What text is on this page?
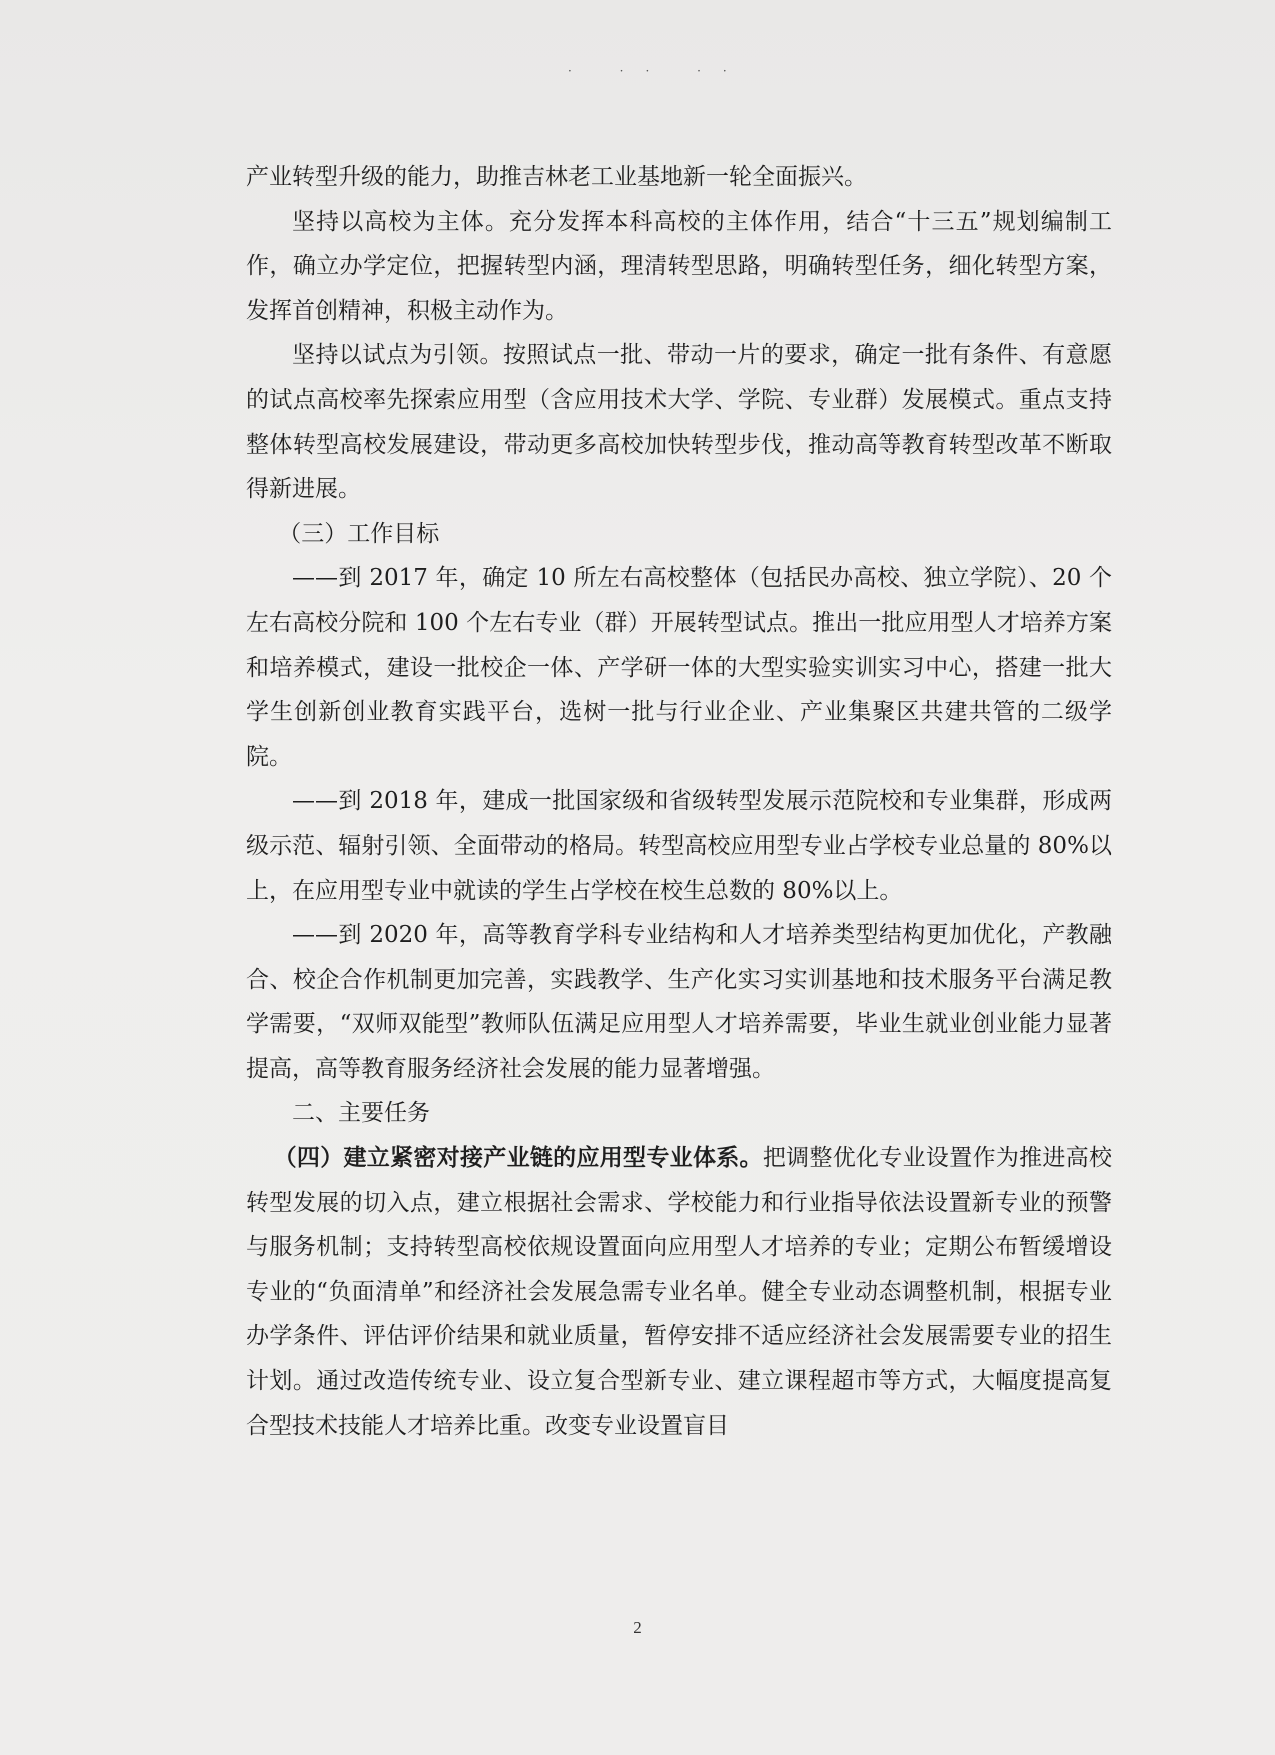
· ·· ··

产业转型升级的能力，助推吉林老工业基地新一轮全面振兴。

坚持以高校为主体。充分发挥本科高校的主体作用，结合“十三五”规划编制工作，确立办学定位，把握转型内涵，理清转型思路，明确转型任务，细化转型方案，发挥首创精神，积极主动作为。

坚持以试点为引领。按照试点一批、带动一片的要求，确定一批有条件、有意愿的试点高校率先探索应用型（含应用技术大学、学院、专业群）发展模式。重点支持整体转型高校发展建设，带动更多高校加快转型步伐，推动高等教育转型改革不断取得新进展。

（三）工作目标

——到 2017 年，确定 10 所左右高校整体（包括民办高校、独立学院）、20 个左右高校分院和 100 个左右专业（群）开展转型试点。推出一批应用型人才培养方案和培养模式，建设一批校企一体、产学研一体的大型实验实训实习中心，搭建一批大学生创新创业教育实践平台，选树一批与行业企业、产业集聚区共建共管的二级学院。

——到 2018 年，建成一批国家级和省级转型发展示范院校和专业集群，形成两级示范、辐射引领、全面带动的格局。转型高校应用型专业占学校专业总量的 80%以上，在应用型专业中就读的学生占学校在校生总数的 80%以上。

——到 2020 年，高等教育学科专业结构和人才培养类型结构更加优化，产教融合、校企合作机制更加完善，实践教学、生产化实习实训基地和技术服务平台满足教学需要，“双师双能型”教师队伍满足应用型人才培养需要，毕业生就业创业能力显著提高，高等教育服务经济社会发展的能力显著增强。

二、主要任务

（四）建立紧密对接产业链的应用型专业体系。把调整优化专业设置作为推进高校转型发展的切入点，建立根据社会需求、学校能力和行业指导依法设置新专业的预警与服务机制；支持转型高校依规设置面向应用型人才培养的专业；定期公布暂缓增设专业的“负面清单”和经济社会发展急需专业名单。健全专业动态调整机制，根据专业办学条件、评估评价结果和就业质量，暂停安排不适应经济社会发展需要专业的招生计划。通过改造传统专业、设立复合型新专业、建立课程超市等方式，大幅度提高复合型技术技能人才培养比重。改变专业设置盲目

2
